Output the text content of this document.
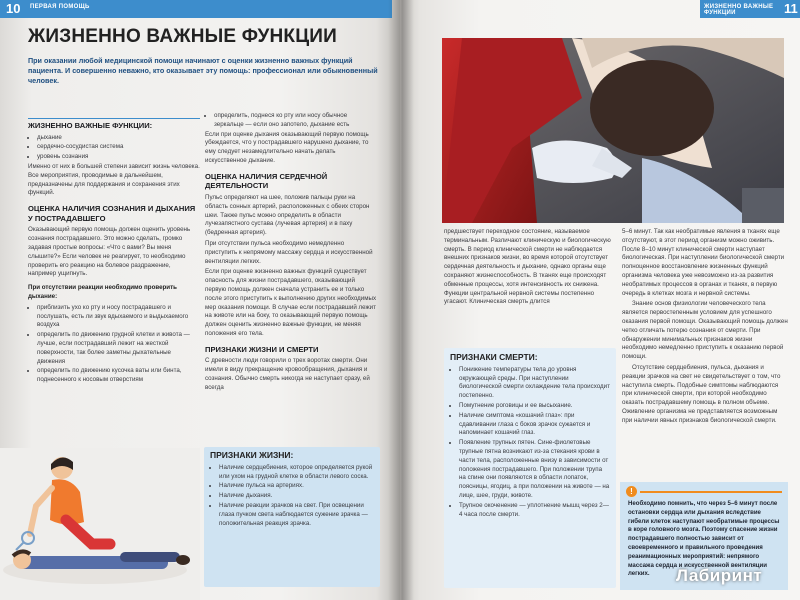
10 ПЕРВАЯ ПОМОЩЬ
ЖИЗНЕННО ВАЖНЫЕ ФУНКЦИИ
При оказании любой медицинской помощи начинают с оценки жизненно важных функций пациента. И совершенно неважно, кто оказывает эту помощь: профессионал или обыкновенный человек.
ЖИЗНЕННО ВАЖНЫЕ ФУНКЦИИ:
• дыхание
• сердечно-сосудистая система
• уровень сознания

Именно от них в большей степени зависит жизнь человека. Все мероприятия, проводимые в дальнейшем, предназначены для поддержания и сохранения этих функций.

ОЦЕНКА НАЛИЧИЯ СОЗНАНИЯ И ДЫХАНИЯ У ПОСТРАДАВШЕГО

Оказывающий первую помощь должен оценить уровень сознания пострадавшего. Это можно сделать, громко задавая простые вопросы: «Что с вами? Вы меня слышите?» Если человек не реагирует, то необходимо проверить его реакцию на болевое раздражение, например ущипнуть.

При отсутствии реакции необходимо проверить дыхание:

• приблизить ухо ко рту и носу пострадавшего и послушать, есть ли звук вдыхаемого и выдыхаемого воздуха
• определить по движению грудной клетки и живота — лучше, если пострадавший лежит на жесткой поверхности, так более заметны дыхательные движения
• определить по движению кусочка ваты или бинта, поднесенного к носовым отверстиям
• определить, поднеся ко рту или носу обычное зеркальце — если оно запотело, дыхание есть

Если при оценке дыхания оказывающий первую помощь убеждается, что у пострадавшего нарушено дыхание, то ему следует незамедлительно начать делать искусственное дыхание.

ОЦЕНКА НАЛИЧИЯ СЕРДЕЧНОЙ ДЕЯТЕЛЬНОСТИ

Пульс определяют на шее, положив пальцы руки на область сонных артерий, расположенных с обеих сторон шеи. Также пульс можно определить в области лучезапястного сустава (лучевая артерия) и в паху (бедренная артерия).

При отсутствии пульса необходимо немедленно приступить к непрямому массажу сердца и искусственной вентиляции легких.

Если при оценке жизненно важных функций существует опасность для жизни пострадавшего, оказывающий первую помощь должен сначала устранить ее и только после этого приступить к выполнению других необходимых мер оказания помощи. В случае если пострадавший лежит на животе или на боку, то оказывающий первую помощь должен оценить жизненно важные функции, не меняя положения его тела.

ПРИЗНАКИ ЖИЗНИ И СМЕРТИ

С древности люди говорили о трех воротах смерти. Они имели в виду прекращение кровообращения, дыхания и сознания. Обычно смерть никогда не наступает сразу, ей всегда

ПРИЗНАКИ ЖИЗНИ:
• Наличие сердцебиения, которое определяется рукой или ухом на грудной клетке в области левого соска.
• Наличие пульса на артериях.
• Наличие дыхания.
• Наличие реакции зрачков на свет. При освещении глаза пучком света наблюдается сужение зрачка — положительная реакция зрачка.
ЖИЗНЕННО ВАЖНЫЕ ФУНКЦИИ	11

предшествует переходное состояние, называемое терминальным. Различают клиническую и биологическую смерть. В период клинической смерти не наблюдается внешних признаков жизни, во время которой отсутствует сердечная деятельность и дыхание, однако органы еще сохраняют жизнеспособность. В тканях еще происходят обменные процессы, хотя интенсивность их снижена. Функции центральной нервной системы постепенно угасают. Клиническая смерть длится

ПРИЗНАКИ СМЕРТИ:
• Понижение температуры тела до уровня окружающей среды. При наступлении биологической смерти охлаждение тела происходит постепенно.
• Помутнение роговицы и ее высыхание.
• Наличие симптома «кошачий глаз»: при сдавливании глаза с боков зрачок сужается и напоминает кошачий глаз.
• Появление трупных пятен. Сине-фиолетовые трупные пятна возникают из-за стекания крови в части тела, расположенные внизу в зависимости от положения пострадавшего. При положении трупа на спине они появляются в области лопаток, поясницы, ягодиц, а при положении на животе — на лице, шее, груди, животе.
• Трупное окоченение — уплотнение мышц через 2—4 часа после смерти.

5–6 минут. Так как необратимые явления в тканях еще отсутствуют, в этот период организм можно оживить. После 8–10 минут клинической смерти наступает биологическая. При наступлении биологической смерти полноценное восстановление жизненных функций организма человека уже невозможно из-за развития необратимых процессов в органах и тканях, в первую очередь в клетках мозга и нервной системы.

Знание основ физиологии человеческого тела является первостепенным условием для успешного оказания первой помощи. Оказывающий помощь должен четко отличать потерю сознания от смерти. При обнаружении минимальных признаков жизни необходимо немедленно приступить к оказанию первой помощи.

Отсутствие сердцебиения, пульса, дыхания и реакции зрачков на свет не свидетельствует о том, что наступила смерть. Подобные симптомы наблюдаются при клинической смерти, при которой необходимо оказать пострадавшему помощь в полном объеме. Оживление организма не представляется возможным при наличии явных признаков биологической смерти.

!
Необходимо помнить, что через 5–6 минут после остановки сердца или дыхания вследствие гибели клеток наступают необратимые процессы в коре головного мозга. Поэтому спасение жизни пострадавшего полностью зависит от своевременного и правильного проведения реанимационных мероприятий: непрямого массажа сердца и искусственной вентиляции легких.	Лабиринт
